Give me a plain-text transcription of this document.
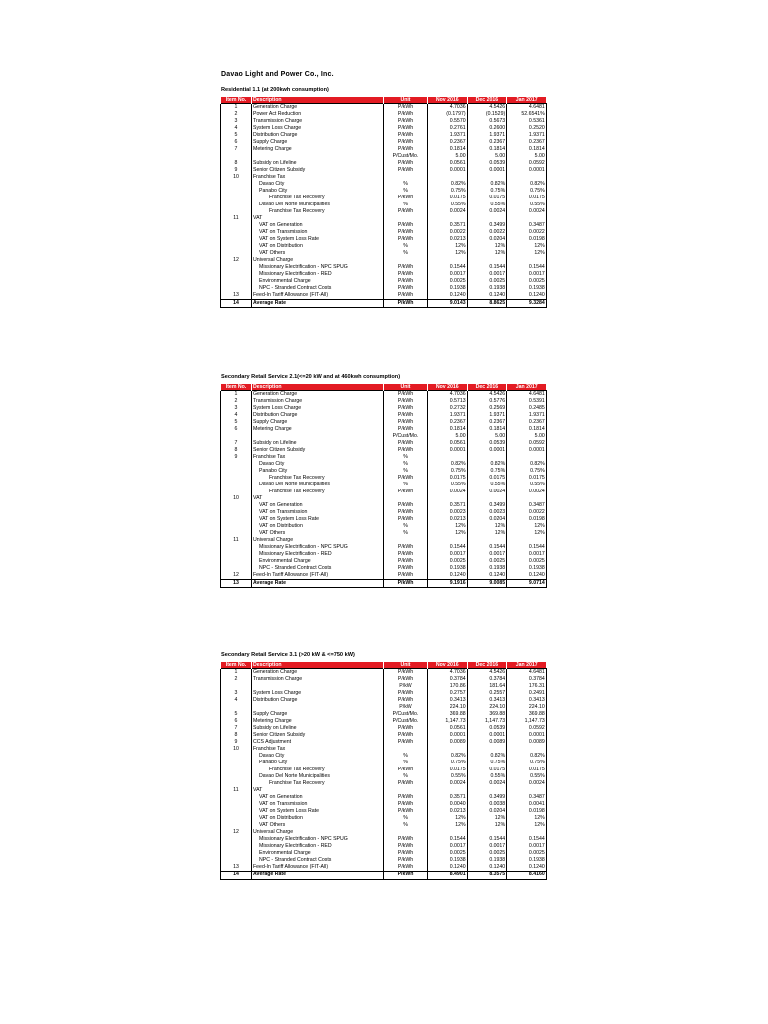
Davao Light and Power Co., Inc.
Residential 1.1 (at 200kwh consumption)
Item No.	Description	Unit	Nov 2016	Dec 2016	Jan 2017
1	Generation Charge	P/kWh	4.7036	4.5426	4.6481
2	Power Act Reduction	P/kWh	(0.1797)	(0.1529)	52.6541%
3	Transmission Charge	P/kWh	0.5570	0.5673	0.5361
4	System Loss Charge	P/kWh	0.2761	0.2600	0.2520
5	Distribution Charge	P/kWh	1.9371	1.9371	1.9371
6	Supply Charge	P/kWh	0.2367	0.2367	0.2367
7	Metering Charge	P/kWh	0.1814	0.1814	0.1814
		P/Cust/Mo.	5.00	5.00	5.00
8	Subsidy on Lifeline	P/kWh	0.0561	0.0539	0.0592
9	Senior Citizen Subsidy	P/kWh	0.0001	0.0001	0.0001
10	Franchise Tax				
	Davao City	%	0.82%	0.82%	0.82%
	Panabo City	%	0.75%	0.75%	0.75%
	Franchise Tax Recovery	P/kWh	0.0175	0.0175	0.0175
	Davao Del Norte Municipalities	%	0.55%	0.55%	0.55%
	Franchise Tax Recovery	P/kWh	0.0024	0.0024	0.0024
11	VAT				
	VAT on Generation	P/kWh	0.3571	0.3499	0.3487
	VAT on Transmission	P/kWh	0.0022	0.0022	0.0022
	VAT on System Loss Rate	P/kWh	0.0213	0.0204	0.0198
	VAT on Distribution	%	12%	12%	12%
	VAT Others	%	12%	12%	12%
12	Universal Charge				
	Missionary Electrification - NPC SPUG	P/kWh	0.1544	0.1544	0.1544
	Missionary Electrification - RED	P/kWh	0.0017	0.0017	0.0017
	Environmental Charge	P/kWh	0.0025	0.0025	0.0025
	NPC - Stranded Contract Costs	P/kWh	0.1938	0.1938	0.1938
13	Feed-In Tariff Allowance (FIT-All)	P/kWh	0.1240	0.1240	0.1240
14	Average Rate	P/kWh	9.0143	8.8625	9.3284
Secondary Retail Service 2.1(<=20 kW and at 460kwh consumption)
Item No.	Description	Unit	Nov 2016	Dec 2016	Jan 2017
1	Generation Charge	P/kWh	4.7036	4.5426	4.6481
2	Transmission Charge	P/kWh	0.5713	0.5776	0.5391
3	System Loss Charge	P/kWh	0.2732	0.2569	0.2485
4	Distribution Charge	P/kWh	1.9371	1.9371	1.9371
5	Supply Charge	P/kWh	0.2367	0.2367	0.2367
6	Metering Charge	P/kWh	0.1814	0.1814	0.1814
		P/Cust/Mo.	5.00	5.00	5.00
7	Subsidy on Lifeline	P/kWh	0.0561	0.0539	0.0592
8	Senior Citizen Subsidy	P/kWh	0.0001	0.0001	0.0001
9	Franchise Tax	%			
	Davao City	%	0.82%	0.82%	0.82%
	Panabo City	%	0.75%	0.75%	0.75%
	Franchise Tax Recovery	P/kWh	0.0175	0.0175	0.0175
	Davao Del Norte Municipalities	%	0.55%	0.55%	0.55%
	Franchise Tax Recovery	P/kWh	0.0024	0.0024	0.0024
10	VAT				
	VAT on Generation	P/kWh	0.3571	0.3499	0.3487
	VAT on Transmission	P/kWh	0.0023	0.0023	0.0022
	VAT on System Loss Rate	P/kWh	0.0213	0.0204	0.0198
	VAT on Distribution	%	12%	12%	12%
	VAT Others	%	12%	12%	12%
11	Universal Charge				
	Missionary Electrification - NPC SPUG	P/kWh	0.1544	0.1544	0.1544
	Missionary Electrification - RED	P/kWh	0.0017	0.0017	0.0017
	Environmental Charge	P/kWh	0.0025	0.0025	0.0025
	NPC - Stranded Contract Costs	P/kWh	0.1938	0.1938	0.1938
12	Feed-In Tariff Allowance (FIT-All)	P/kWh	0.1240	0.1240	0.1240
13	Average Rate	P/kWh	9.1916	9.0085	9.0714
Secondary Retail Service 3.1 (>20 kW & <=750 kW)
Item No.	Description	Unit	Nov 2016	Dec 2016	Jan 2017
1	Generation Charge	P/kWh	4.7036	4.5426	4.6481
2	Transmission Charge	P/kWh	0.3784	0.3784	0.3784
		P/kW	170.86	181.64	176.31
3	System Loss Charge	P/kWh	0.2757	0.2557	0.2491
4	Distribution Charge	P/kWh	0.3413	0.3413	0.3413
		P/kW	224.10	224.10	224.10
5	Supply Charge	P/Cust/Mo.	369.88	369.88	369.88
6	Metering Charge	P/Cust/Mo.	1,147.73	1,147.73	1,147.73
7	Subsidy on Lifeline	P/kWh	0.0561	0.0539	0.0592
8	Senior Citizen Subsidy	P/kWh	0.0001	0.0001	0.0001
9	CCS Adjustment	P/kWh	0.0089	0.0089	0.0089
10	Franchise Tax				
	Davao City	%	0.82%	0.82%	0.82%
	Panabo City	%	0.75%	0.75%	0.75%
	Franchise Tax Recovery	P/kWh	0.0175	0.0175	0.0175
	Davao Del Norte Municipalities	%	0.55%	0.55%	0.55%
	Franchise Tax Recovery	P/kWh	0.0024	0.0024	0.0024
11	VAT				
	VAT on Generation	P/kWh	0.3571	0.3499	0.3487
	VAT on Transmission	P/kWh	0.0040	0.0038	0.0041
	VAT on System Loss Rate	P/kWh	0.0213	0.0204	0.0198
	VAT on Distribution	%	12%	12%	12%
	VAT Others	%	12%	12%	12%
12	Universal Charge				
	Missionary Electrification - NPC SPUG	P/kWh	0.1544	0.1544	0.1544
	Missionary Electrification - RED	P/kWh	0.0017	0.0017	0.0017
	Environmental Charge	P/kWh	0.0025	0.0025	0.0025
	NPC - Stranded Contract Costs	P/kWh	0.1938	0.1938	0.1938
13	Feed-In Tariff Allowance (FIT-All)	P/kWh	0.1240	0.1240	0.1240
14	Average Rate	P/kWh	8.4901	8.3575	8.4160
